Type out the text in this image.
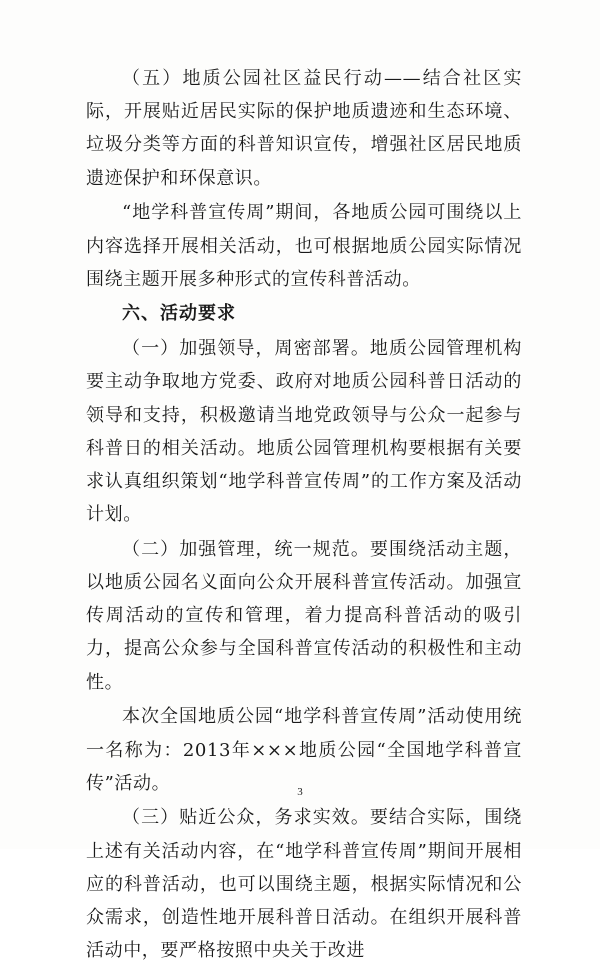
（五）地质公园社区益民行动——结合社区实际，开展贴近居民实际的保护地质遗迹和生态环境、垃圾分类等方面的科普知识宣传，增强社区居民地质遗迹保护和环保意识。

“地学科普宣传周”期间，各地质公园可围绕以上内容选择开展相关活动，也可根据地质公园实际情况围绕主题开展多种形式的宣传科普活动。

六、活动要求

（一）加强领导，周密部署。地质公园管理机构要主动争取地方党委、政府对地质公园科普日活动的领导和支持，积极邀请当地党政领导与公众一起参与科普日的相关活动。地质公园管理机构要根据有关要求认真组织策划“地学科普宣传周”的工作方案及活动计划。

（二）加强管理，统一规范。要围绕活动主题，以地质公园名义面向公众开展科普宣传活动。加强宣传周活动的宣传和管理，着力提高科普活动的吸引力，提高公众参与全国科普宣传活动的积极性和主动性。

本次全国地质公园“地学科普宣传周”活动使用统一名称为：2013年×××地质公园“全国地学科普宣传”活动。

（三）贴近公众，务求实效。要结合实际，围绕上述有关活动内容，在“地学科普宣传周”期间开展相应的科普活动，也可以围绕主题，根据实际情况和公众需求，创造性地开展科普日活动。在组织开展科普活动中，要严格按照中央关于改进

3
